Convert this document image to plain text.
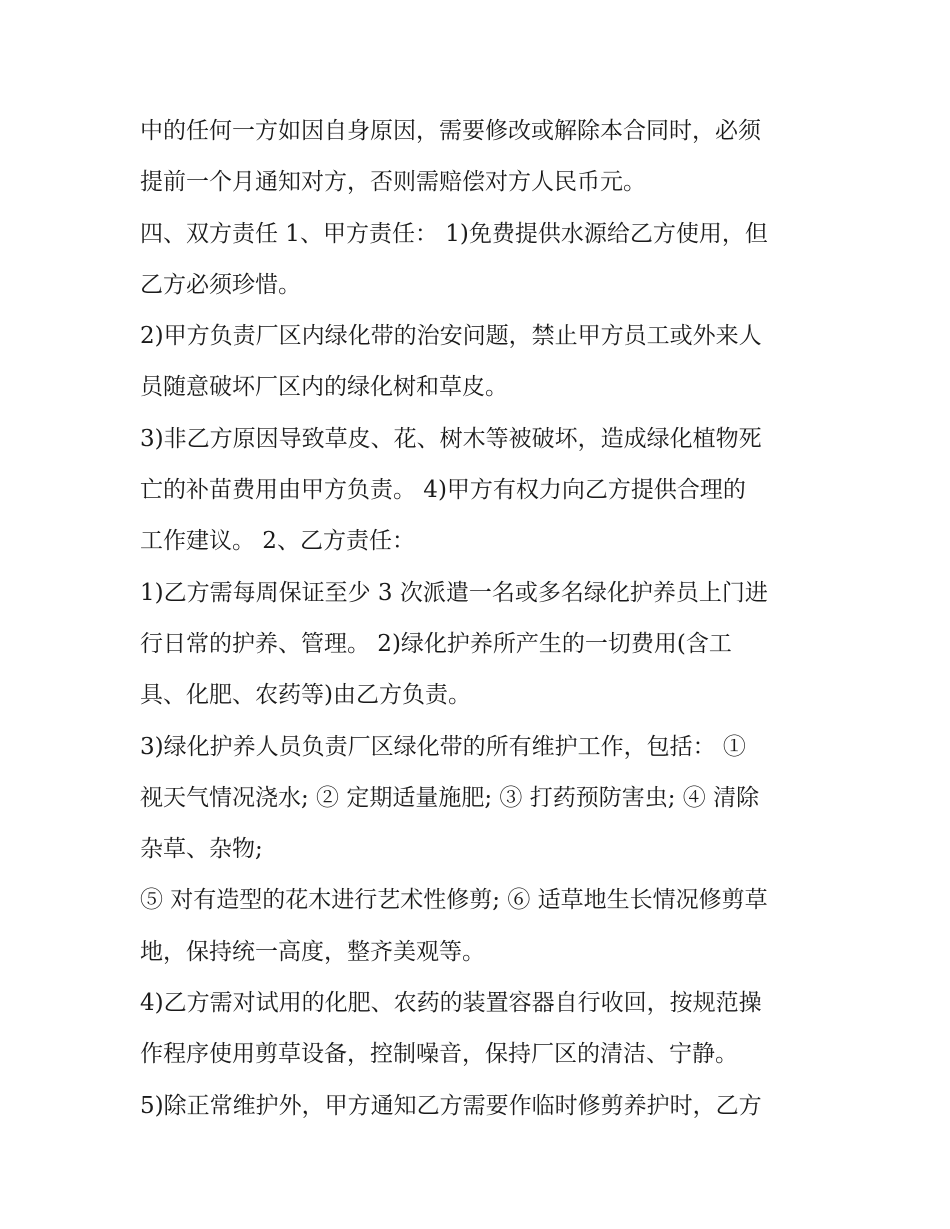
中的任何一方如因自身原因，需要修改或解除本合同时，必须
提前一个月通知对方，否则需赔偿对方人民币元。
四、双方责任 1、甲方责任： 1)免费提供水源给乙方使用，但
乙方必须珍惜。
2)甲方负责厂区内绿化带的治安问题，禁止甲方员工或外来人
员随意破坏厂区内的绿化树和草皮。
3)非乙方原因导致草皮、花、树木等被破坏，造成绿化植物死
亡的补苗费用由甲方负责。 4)甲方有权力向乙方提供合理的
工作建议。 2、乙方责任：
1)乙方需每周保证至少 3 次派遣一名或多名绿化护养员上门进
行日常的护养、管理。 2)绿化护养所产生的一切费用(含工
具、化肥、农药等)由乙方负责。
3)绿化护养人员负责厂区绿化带的所有维护工作，包括： ①
视天气情况浇水; ② 定期适量施肥; ③ 打药预防害虫; ④ 清除
杂草、杂物;
⑤ 对有造型的花木进行艺术性修剪; ⑥ 适草地生长情况修剪草
地，保持统一高度，整齐美观等。
4)乙方需对试用的化肥、农药的装置容器自行收回，按规范操
作程序使用剪草设备，控制噪音，保持厂区的清洁、宁静。
5)除正常维护外，甲方通知乙方需要作临时修剪养护时，乙方
